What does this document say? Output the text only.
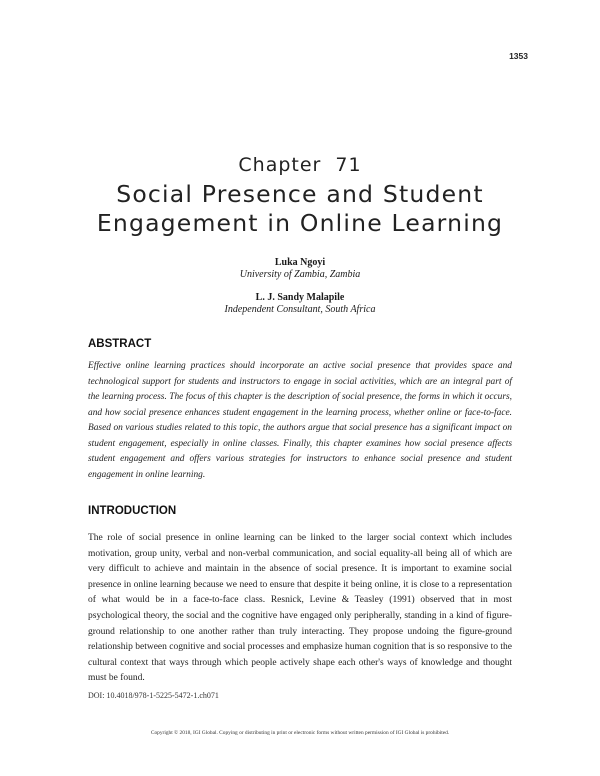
1353
Chapter  71
Social Presence and Student Engagement in Online Learning
Luka Ngoyi
University of Zambia, Zambia
L. J. Sandy Malapile
Independent Consultant, South Africa
ABSTRACT
Effective online learning practices should incorporate an active social presence that provides space and technological support for students and instructors to engage in social activities, which are an integral part of the learning process. The focus of this chapter is the description of social presence, the forms in which it occurs, and how social presence enhances student engagement in the learning process, whether online or face-to-face. Based on various studies related to this topic, the authors argue that social presence has a significant impact on student engagement, especially in online classes. Finally, this chapter examines how social presence affects student engagement and offers various strategies for instructors to enhance social presence and student engagement in online learning.
INTRODUCTION
The role of social presence in online learning can be linked to the larger social context which includes motivation, group unity, verbal and non-verbal communication, and social equality-all being all of which are very difficult to achieve and maintain in the absence of social presence. It is important to examine social presence in online learning because we need to ensure that despite it being online, it is close to a representation of what would be in a face-to-face class. Resnick, Levine & Teasley (1991) observed that in most psychological theory, the social and the cognitive have engaged only peripherally, standing in a kind of figure-ground relationship to one another rather than truly interacting. They propose undoing the figure-ground relationship between cognitive and social processes and emphasize human cognition that is so responsive to the cultural context that ways through which people actively shape each other's ways of knowledge and thought must be found.
DOI: 10.4018/978-1-5225-5472-1.ch071
Copyright © 2018, IGI Global. Copying or distributing in print or electronic forms without written permission of IGI Global is prohibited.
